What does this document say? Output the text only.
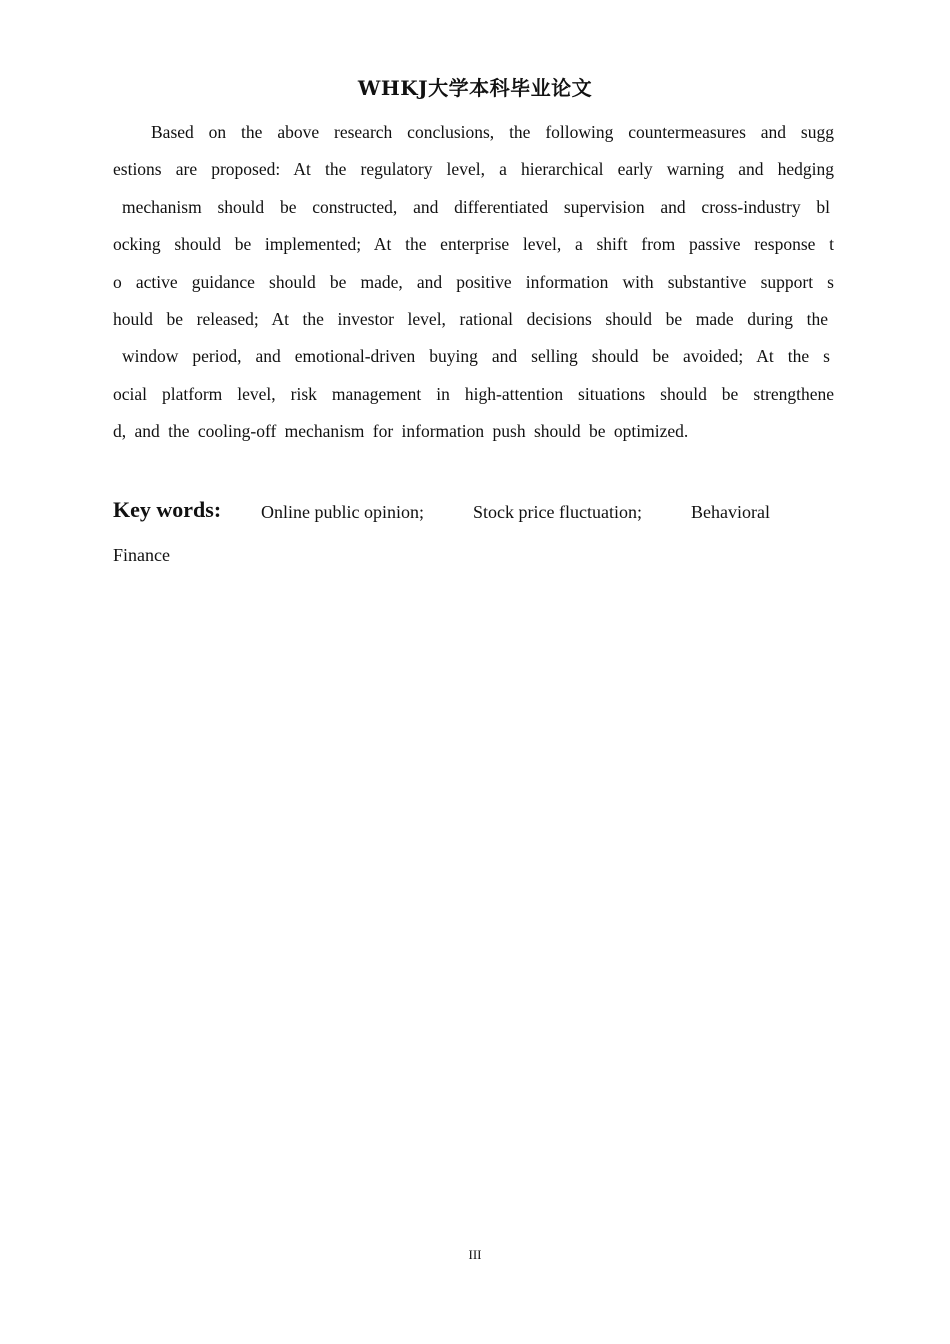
WHKJ大学本科毕业论文
Based on the above research conclusions, the following countermeasures and sugg
estions are proposed: At the regulatory level, a hierarchical early warning and hedging
mechanism should be constructed, and differentiated supervision and cross-industry bl
ocking should be implemented; At the enterprise level, a shift from passive response t
o active guidance should be made, and positive information with substantive support s
hould be released; At the investor level, rational decisions should be made during the
window period, and emotional-driven buying and selling should be avoided; At the s
ocial platform level, risk management in high-attention situations should be strengthene
d, and the cooling-off mechanism for information push should be optimized.
Key words: Online public opinion;	Stock price fluctuation;	Behavioral
Finance
III
